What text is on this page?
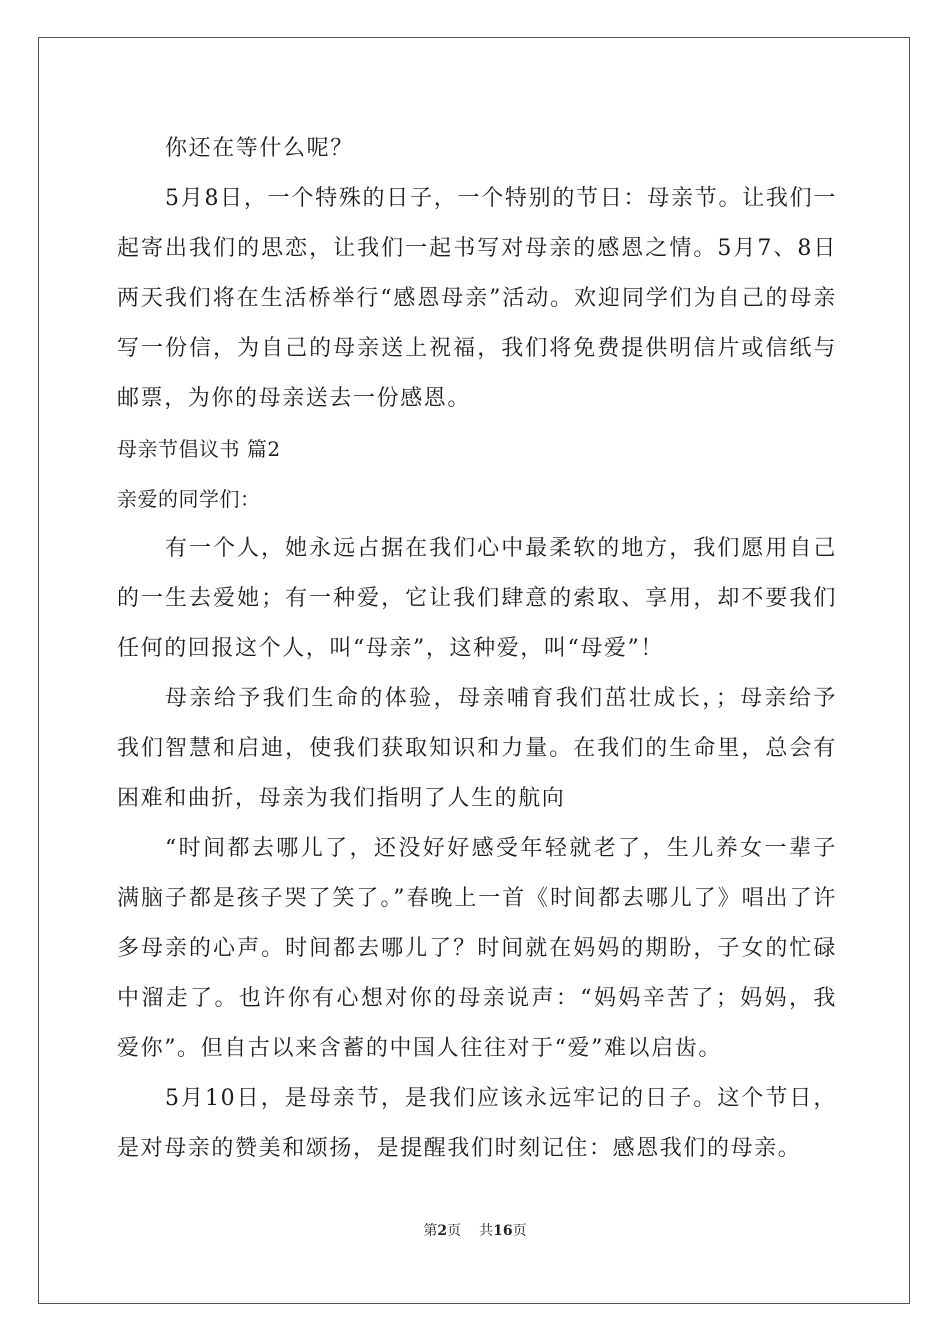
你还在等什么呢？

5月8日，一个特殊的日子，一个特别的节日：母亲节。让我们一起寄出我们的思恋，让我们一起书写对母亲的感恩之情。5月7、8日两天我们将在生活桥举行“感恩母亲”活动。欢迎同学们为自己的母亲写一份信，为自己的母亲送上祝福，我们将免费提供明信片或信纸与邮票，为你的母亲送去一份感恩。

母亲节倡议书 篇2

亲爱的同学们：

有一个人，她永远占据在我们心中最柔软的地方，我们愿用自己的一生去爱她；有一种爱，它让我们肆意的索取、享用，却不要我们任何的回报这个人，叫“母亲”，这种爱，叫“母爱”！

母亲给予我们生命的体验，母亲哺育我们茁壮成长，；母亲给予我们智慧和启迪，使我们获取知识和力量。在我们的生命里，总会有困难和曲折，母亲为我们指明了人生的航向

“时间都去哪儿了，还没好好感受年轻就老了，生儿养女一辈子满脑子都是孩子哭了笑了。”春晚上一首《时间都去哪儿了》唱出了许多母亲的心声。时间都去哪儿了？时间就在妈妈的期盼，子女的忙碌中溜走了。也许你有心想对你的母亲说声：“妈妈辛苦了；妈妈，我爱你”。但自古以来含蓄的中国人往往对于“爱”难以启齿。

5月10日，是母亲节，是我们应该永远牢记的日子。这个节日，是对母亲的赞美和颂扬，是提醒我们时刻记住：感恩我们的母亲。

第2页 共16页
